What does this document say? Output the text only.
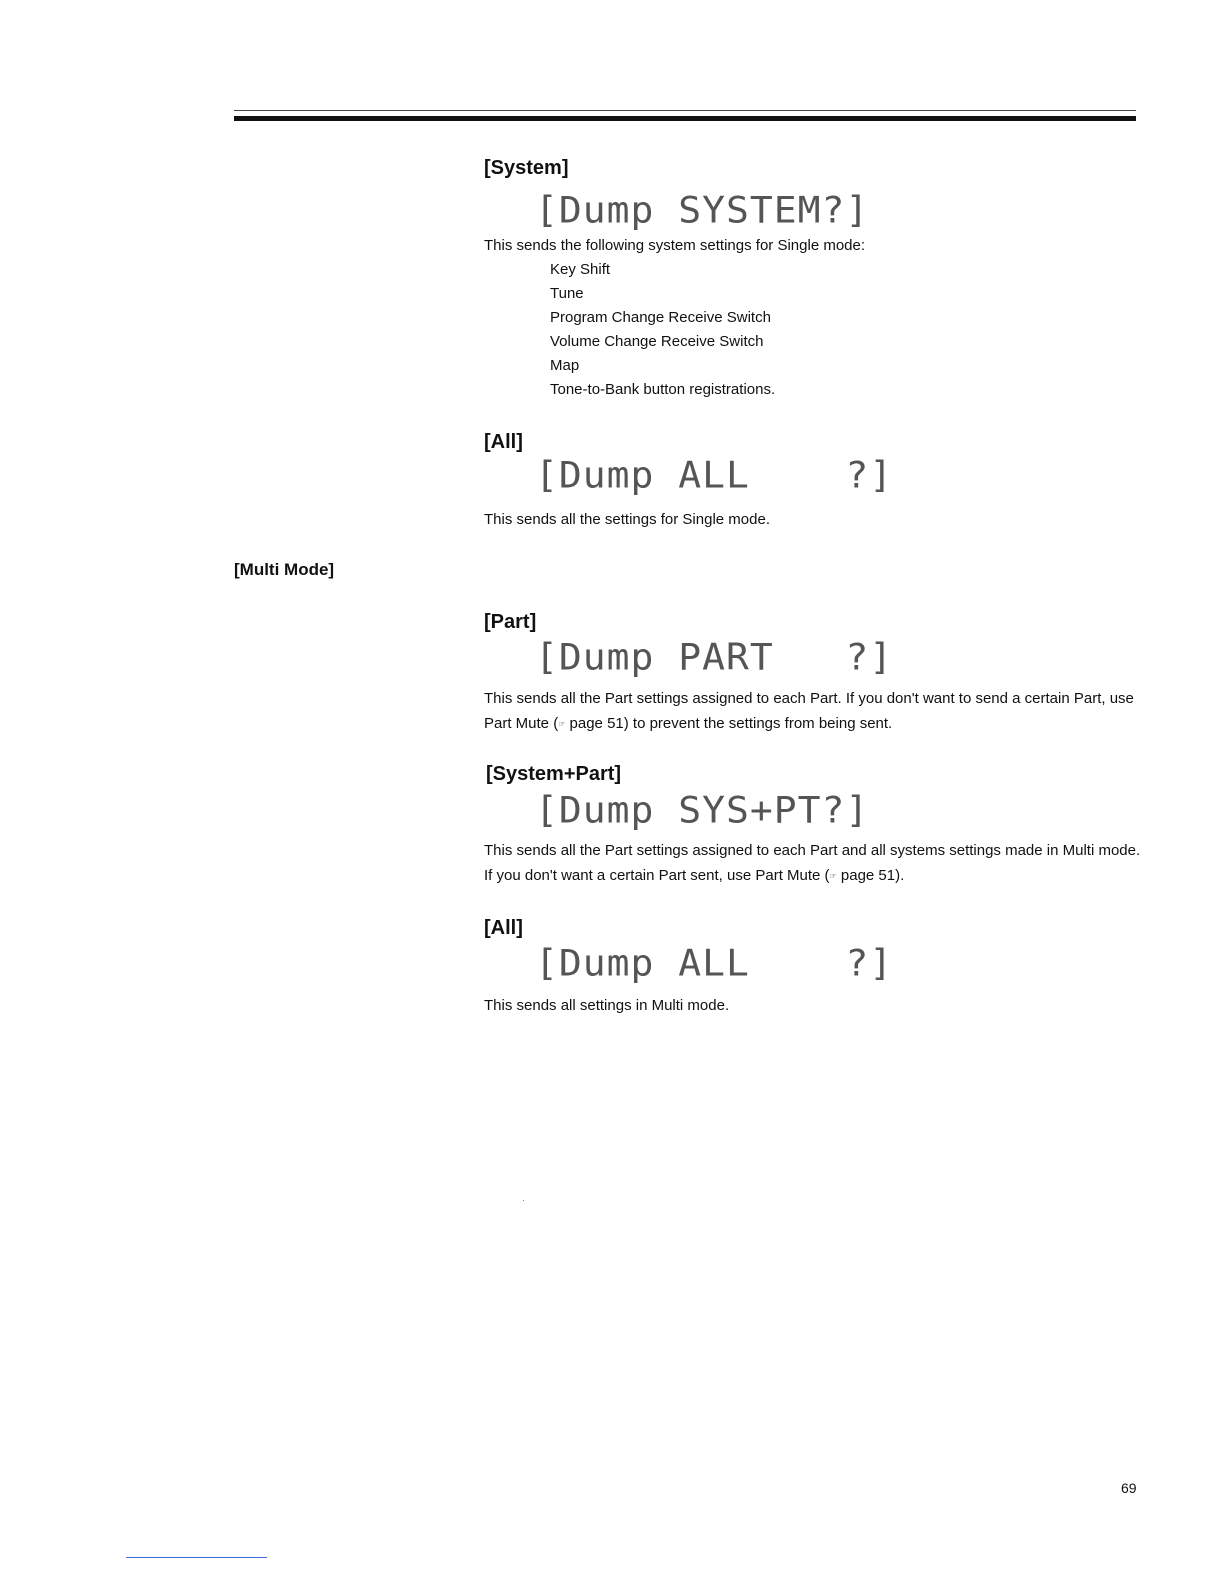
[System]
[Dump SYSTEM?]
This sends the following system settings for Single mode:
Key Shift
Tune
Program Change Receive Switch
Volume Change Receive Switch
Map
Tone-to-Bank button registrations.
[All]
[Dump ALL    ?]
This sends all the settings for Single mode.
[Multi Mode]
[Part]
[Dump PART   ?]
This sends all the Part settings assigned to each Part. If you don't want to send a certain Part, use
Part Mute (☞ page 51) to prevent the settings from being sent.
[System+Part]
[Dump SYS+PT?]
This sends all the Part settings assigned to each Part and all systems settings made in Multi mode.
If you don't want a certain Part sent, use Part Mute (☞ page 51).
[All]
[Dump ALL    ?]
This sends all settings in Multi mode.
69
